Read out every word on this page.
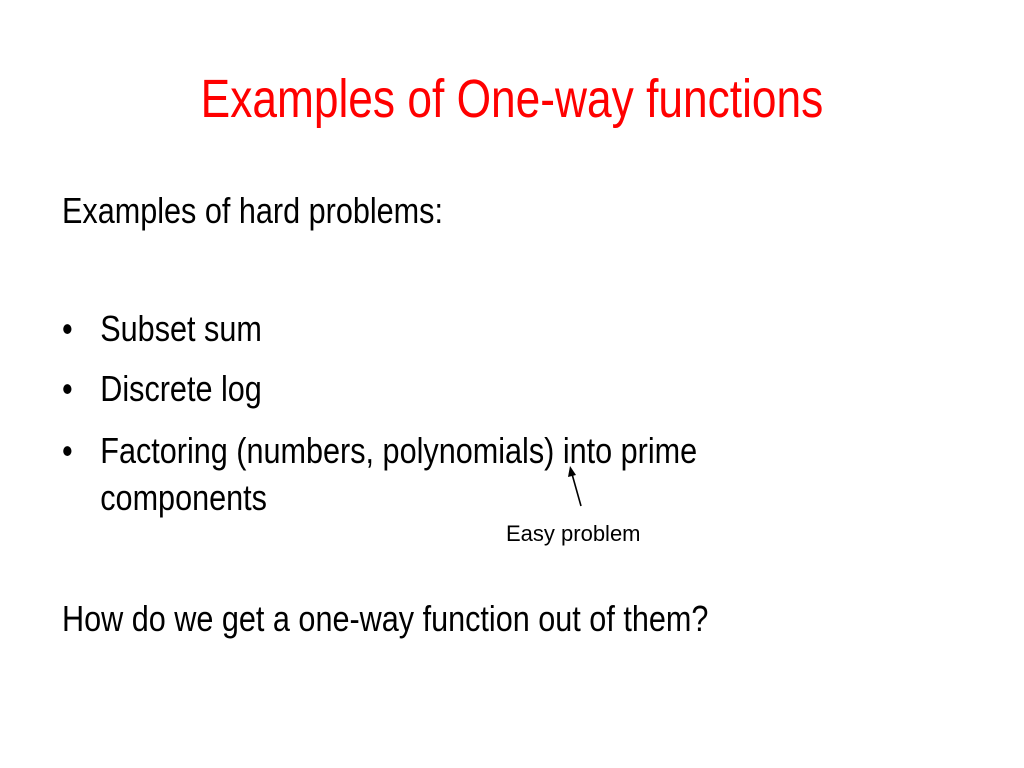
Examples of One-way functions
Examples of hard problems:
• Subset sum
• Discrete log
• Factoring (numbers, polynomials) into prime
components
Easy problem
How do we get a one-way function out of them?
